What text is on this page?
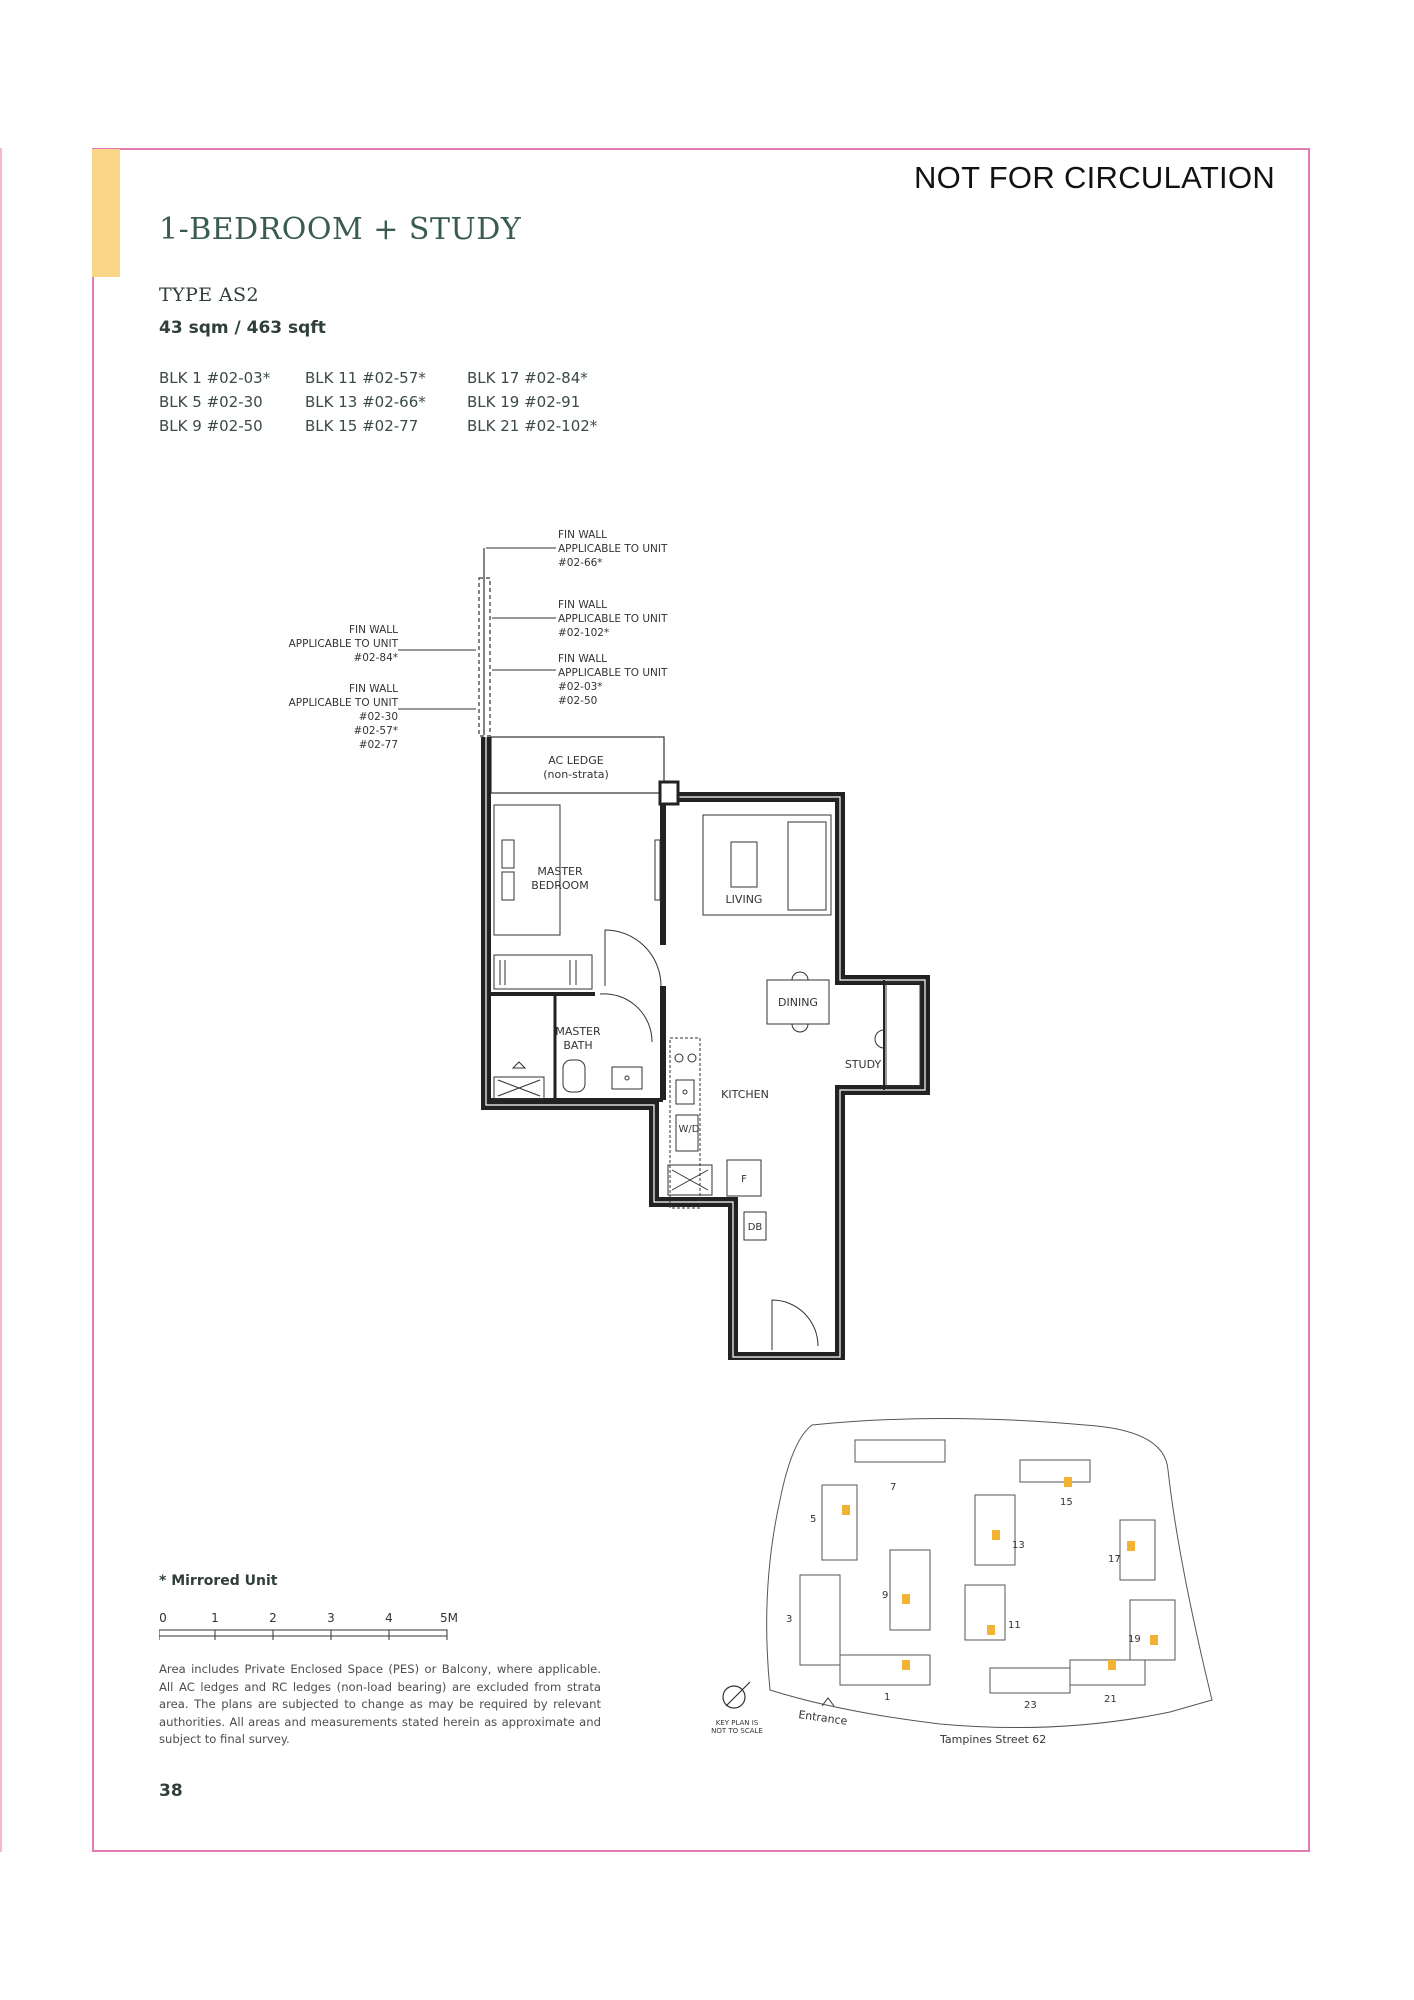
NOT FOR CIRCULATION
1-BEDROOM + STUDY
TYPE AS2
43 sqm / 463 sqft
BLK 1 #02-03*	BLK 11 #02-57*	BLK 17 #02-84*
BLK 5 #02-30	BLK 13 #02-66*	BLK 19 #02-91
BLK 9 #02-50	BLK 15 #02-77	BLK 21 #02-102*
FIN WALL
APPLICABLE TO UNIT
#02-66*
FIN WALL
APPLICABLE TO UNIT
#02-102*
FIN WALL
APPLICABLE TO UNIT
#02-03*
#02-50
FIN WALL
APPLICABLE TO UNIT
#02-84*
FIN WALL
APPLICABLE TO UNIT
#02-30
#02-57*
#02-77
AC LEDGE
(non-strata)
MASTER
BEDROOM
LIVING
DINING
STUDY
MASTER
BATH
W/D
F
DB
KITCHEN
* Mirrored Unit
0	1	2	3	4	5M
Area includes Private Enclosed Space (PES) or Balcony, where applicable. All AC ledges and RC ledges (non-load bearing) are excluded from strata area. The plans are subjected to change as may be required by relevant authorities. All areas and measurements stated herein as approximate and subject to final survey.
38
7
15
5
13
17
9
11
3
19
1
23
21
Entrance
Tampines Street 62
KEY PLAN IS
NOT TO SCALE
